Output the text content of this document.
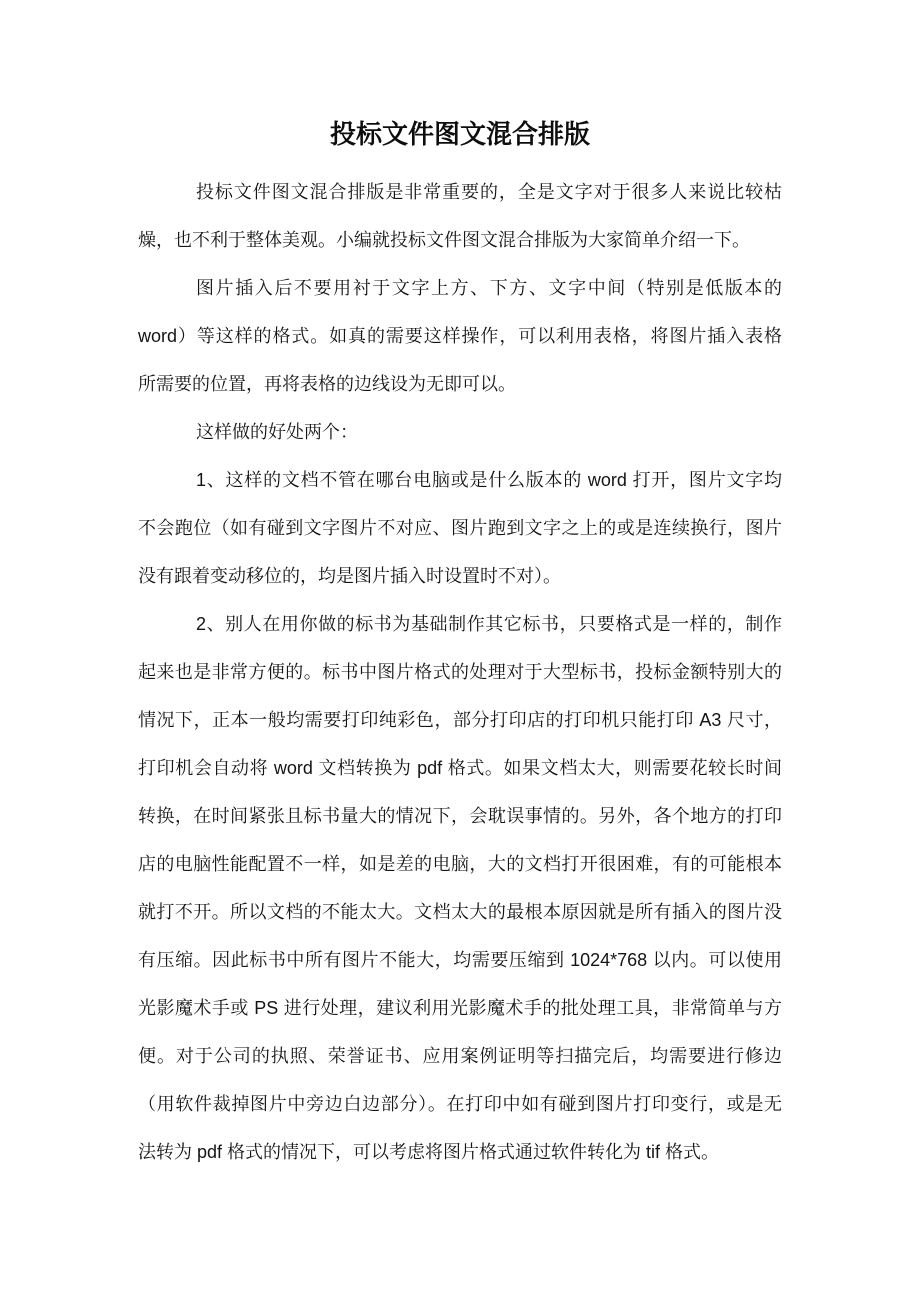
投标文件图文混合排版
投标文件图文混合排版是非常重要的，全是文字对于很多人来说比较枯
燥，也不利于整体美观。小编就投标文件图文混合排版为大家简单介绍一下。
图片插入后不要用衬于文字上方、下方、文字中间（特别是低版本的
word）等这样的格式。如真的需要这样操作，可以利用表格，将图片插入表格
所需要的位置，再将表格的边线设为无即可以。
这样做的好处两个：
1、这样的文档不管在哪台电脑或是什么版本的 word 打开，图片文字均
不会跑位（如有碰到文字图片不对应、图片跑到文字之上的或是连续换行，图片
没有跟着变动移位的，均是图片插入时设置时不对）。
2、别人在用你做的标书为基础制作其它标书，只要格式是一样的，制作
起来也是非常方便的。标书中图片格式的处理对于大型标书，投标金额特别大的
情况下，正本一般均需要打印纯彩色，部分打印店的打印机只能打印 A3 尺寸，
打印机会自动将 word 文档转换为 pdf 格式。如果文档太大，则需要花较长时间
转换，在时间紧张且标书量大的情况下，会耽误事情的。另外，各个地方的打印
店的电脑性能配置不一样，如是差的电脑，大的文档打开很困难，有的可能根本
就打不开。所以文档的不能太大。文档太大的最根本原因就是所有插入的图片没
有压缩。因此标书中所有图片不能大，均需要压缩到 1024*768 以内。可以使用
光影魔术手或 PS 进行处理，建议利用光影魔术手的批处理工具，非常简单与方
便。对于公司的执照、荣誉证书、应用案例证明等扫描完后，均需要进行修边
（用软件裁掉图片中旁边白边部分）。在打印中如有碰到图片打印变行，或是无
法转为 pdf 格式的情况下，可以考虑将图片格式通过软件转化为 tif 格式。
